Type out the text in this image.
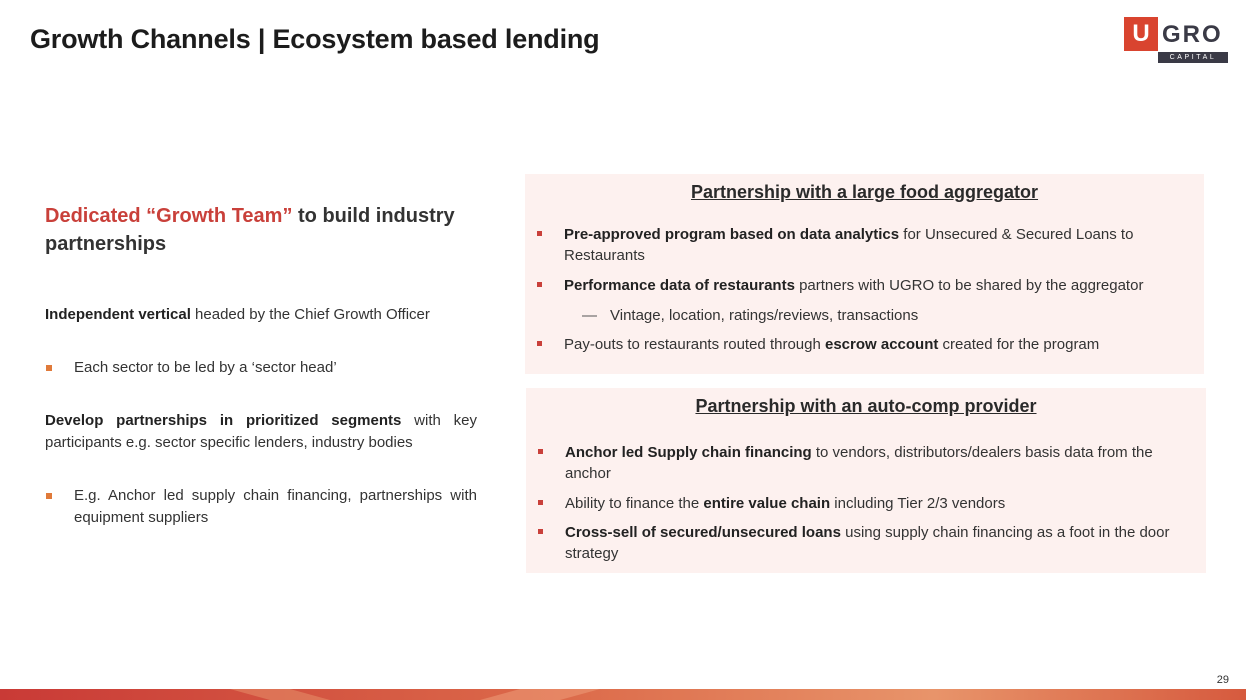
Growth Channels | Ecosystem based lending	U GRO
CAPITAL

Dedicated “Growth Team” to build industry partnerships

Independent vertical headed by the Chief Growth Officer

Each sector to be led by a ‘sector head’

Develop partnerships in prioritized segments with key participants e.g. sector specific lenders, industry bodies

E.g. Anchor led supply chain financing, partnerships with equipment suppliers

Partnership with a large food aggregator

Pre-approved program based on data analytics for Unsecured & Secured Loans to Restaurants
Performance data of restaurants partners with UGRO to be shared by the aggregator
— Vintage, location, ratings/reviews, transactions
Pay-outs to restaurants routed through escrow account created for the program

Partnership with an auto-comp provider

Anchor led Supply chain financing to vendors, distributors/dealers basis data from the anchor
Ability to finance the entire value chain including Tier 2/3 vendors
Cross-sell of secured/unsecured loans using supply chain financing as a foot in the door strategy
29
